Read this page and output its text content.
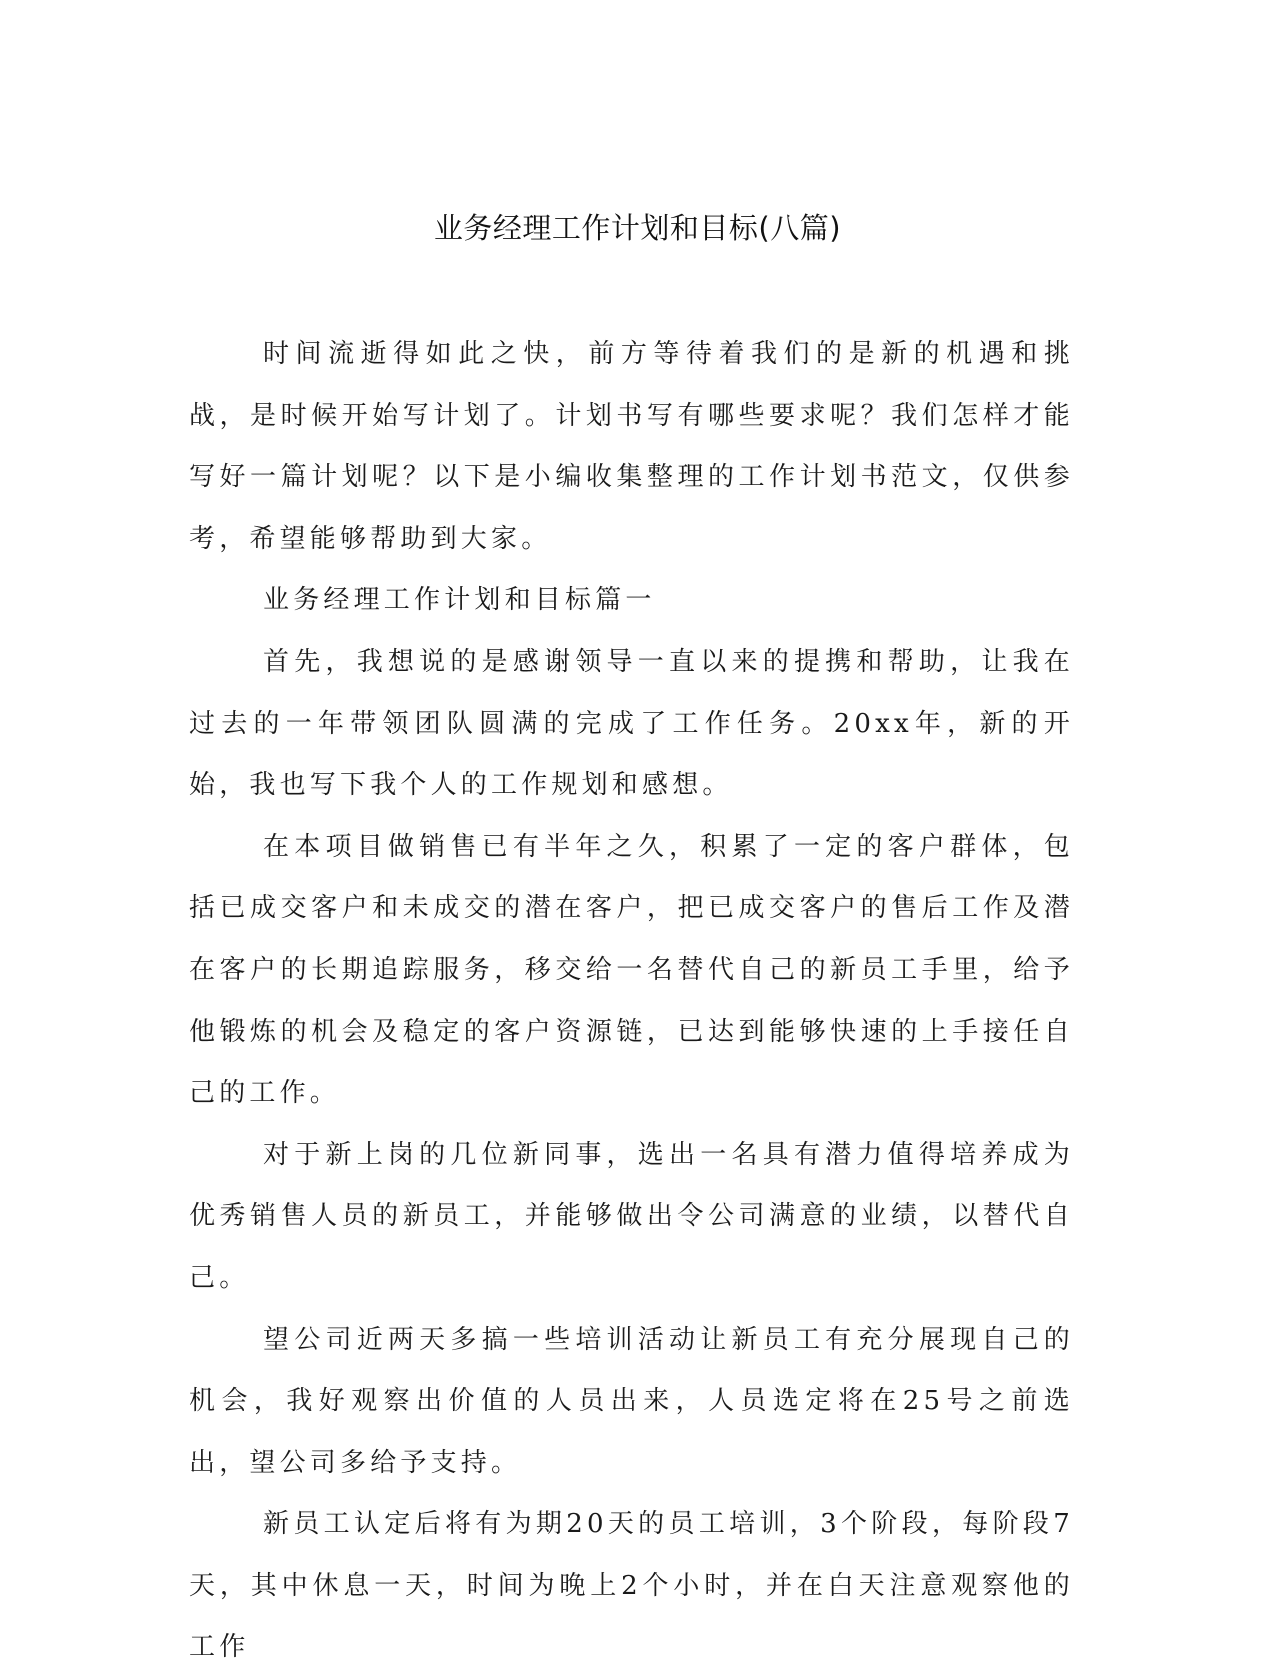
业务经理工作计划和目标(八篇)

时间流逝得如此之快，前方等待着我们的是新的机遇和挑战，是时候开始写计划了。计划书写有哪些要求呢？我们怎样才能写好一篇计划呢？以下是小编收集整理的工作计划书范文，仅供参考，希望能够帮助到大家。

业务经理工作计划和目标篇一

首先，我想说的是感谢领导一直以来的提携和帮助，让我在过去的一年带领团队圆满的完成了工作任务。20xx年，新的开始，我也写下我个人的工作规划和感想。

在本项目做销售已有半年之久，积累了一定的客户群体，包括已成交客户和未成交的潜在客户，把已成交客户的售后工作及潜在客户的长期追踪服务，移交给一名替代自己的新员工手里，给予他锻炼的机会及稳定的客户资源链，已达到能够快速的上手接任自己的工作。

对于新上岗的几位新同事，选出一名具有潜力值得培养成为优秀销售人员的新员工，并能够做出令公司满意的业绩，以替代自己。

望公司近两天多搞一些培训活动让新员工有充分展现自己的机会，我好观察出价值的人员出来，人员选定将在25号之前选出，望公司多给予支持。

新员工认定后将有为期20天的员工培训，3个阶段，每阶段7天，其中休息一天，时间为晚上2个小时，并在白天注意观察他的工作
